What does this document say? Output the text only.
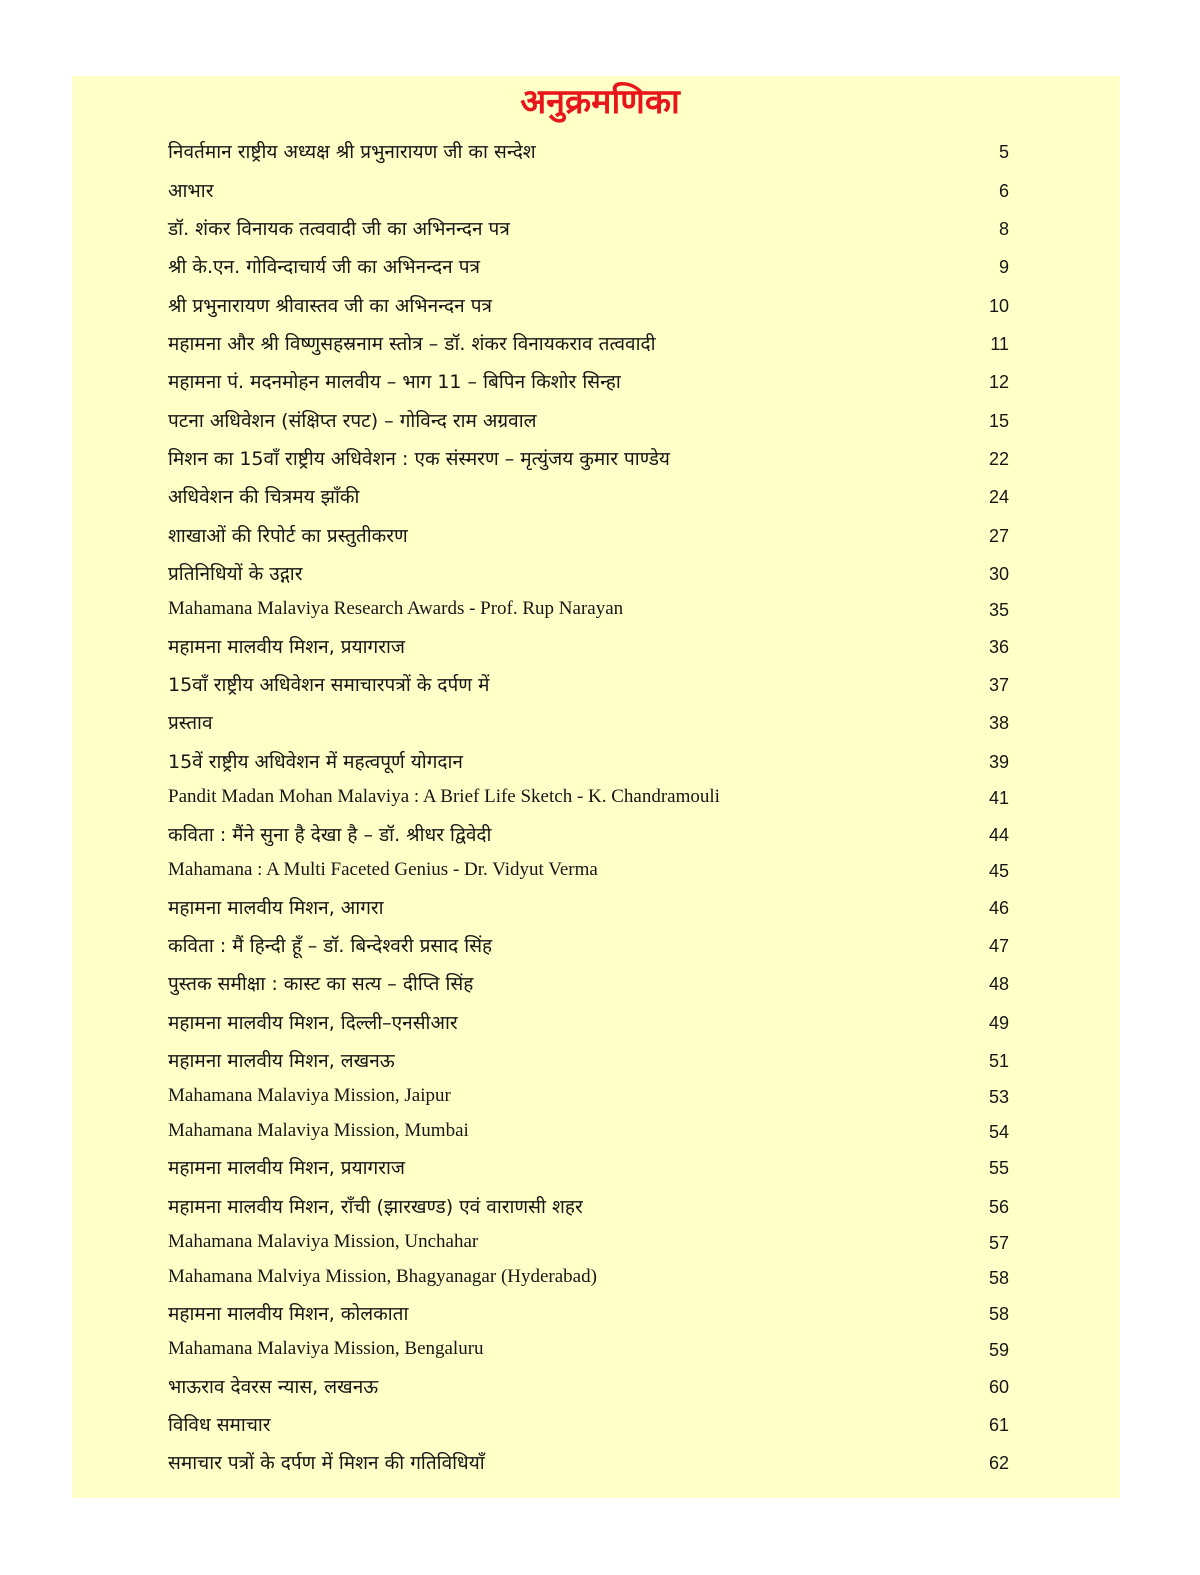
अनुक्रमणिका
निवर्तमान राष्ट्रीय अध्यक्ष श्री प्रभुनारायण जी का सन्देश	5
आभार	6
डॉ. शंकर विनायक तत्ववादी जी का अभिनन्दन पत्र	8
श्री के.एन. गोविन्दाचार्य जी का अभिनन्दन पत्र	9
श्री प्रभुनारायण श्रीवास्तव जी का अभिनन्दन पत्र	10
महामना और श्री विष्णुसहस्रनाम स्तोत्र – डॉ. शंकर विनायकराव तत्ववादी	11
महामना पं. मदनमोहन मालवीय – भाग 11 – बिपिन किशोर सिन्हा	12
पटना अधिवेशन (संक्षिप्त रपट) – गोविन्द राम अग्रवाल	15
मिशन का 15वाँ राष्ट्रीय अधिवेशन : एक संस्मरण – मृत्युंजय कुमार पाण्डेय	22
अधिवेशन की चित्रमय झाँकी	24
शाखाओं की रिपोर्ट का प्रस्तुतीकरण	27
प्रतिनिधियों के उद्गार	30
Mahamana Malaviya Research Awards - Prof. Rup Narayan	35
महामना मालवीय मिशन, प्रयागराज	36
15वाँ राष्ट्रीय अधिवेशन समाचारपत्रों के दर्पण में	37
प्रस्ताव	38
15वें राष्ट्रीय अधिवेशन में महत्वपूर्ण योगदान	39
Pandit Madan Mohan Malaviya : A Brief Life Sketch - K. Chandramouli	41
कविता : मैंने सुना है देखा है – डॉ. श्रीधर द्विवेदी	44
Mahamana : A Multi Faceted Genius - Dr. Vidyut Verma	45
महामना मालवीय मिशन, आगरा	46
कविता : मैं हिन्दी हूँ – डॉ. बिन्देश्वरी प्रसाद सिंह	47
पुस्तक समीक्षा : कास्ट का सत्य – दीप्ति सिंह	48
महामना मालवीय मिशन, दिल्ली–एनसीआर	49
महामना मालवीय मिशन, लखनऊ	51
Mahamana Malaviya Mission, Jaipur	53
Mahamana Malaviya Mission, Mumbai	54
महामना मालवीय मिशन, प्रयागराज	55
महामना मालवीय मिशन, राँची (झारखण्ड) एवं वाराणसी शहर	56
Mahamana Malaviya Mission, Unchahar	57
Mahamana Malviya Mission, Bhagyanagar (Hyderabad)	58
महामना मालवीय मिशन, कोलकाता	58
Mahamana Malaviya Mission, Bengaluru	59
भाऊराव देवरस न्यास, लखनऊ	60
विविध समाचार	61
समाचार पत्रों के दर्पण में मिशन की गतिविधियाँ	62
